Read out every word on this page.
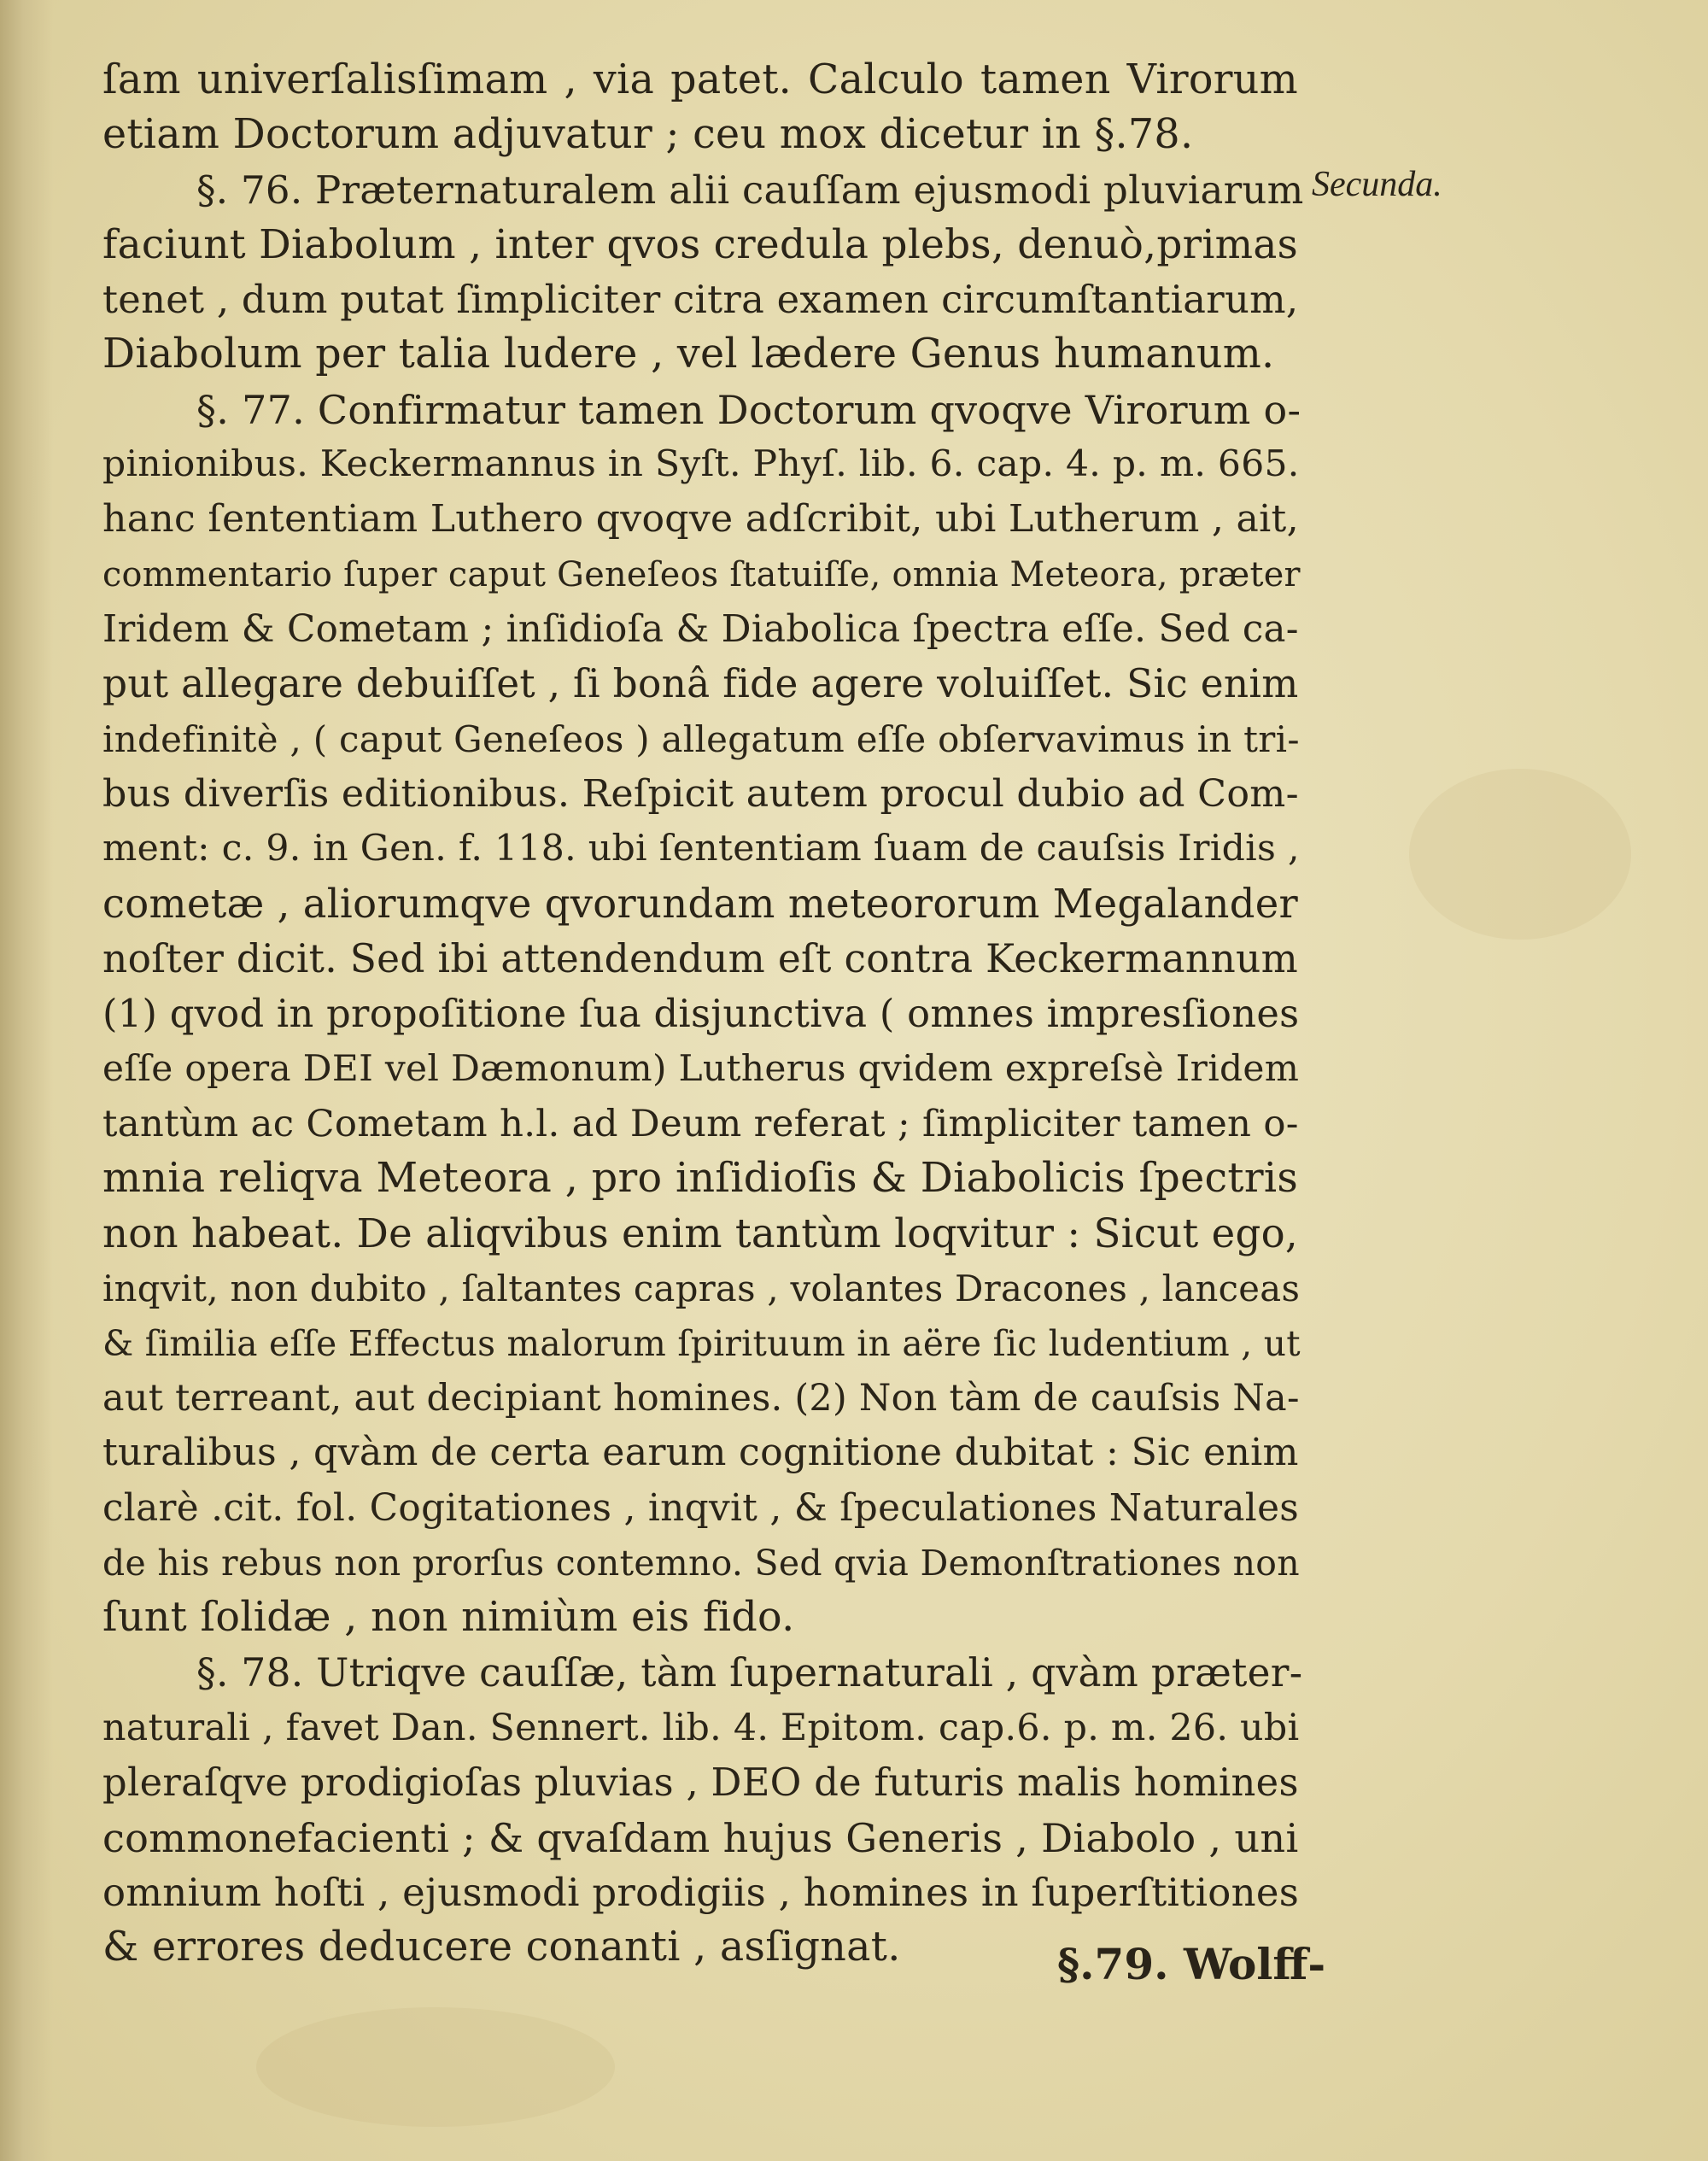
ſam univerſalisſimam , via patet. Calculo tamen Virorum
etiam Doctorum adjuvatur ; ceu mox dicetur in §.78.
§. 76. Præternaturalem alii cauſſam ejusmodi pluviarum
faciunt Diabolum , inter qvos credula plebs, denuò,primas
tenet , dum putat ſimpliciter citra examen circumſtantiarum,
Diabolum per talia ludere , vel lædere Genus humanum.
§. 77. Confirmatur tamen Doctorum qvoqve Virorum o-
pinionibus. Keckermannus in Syſt. Phyſ. lib. 6. cap. 4. p. m. 665.
hanc ſententiam Luthero qvoqve adſcribit, ubi Lutherum , ait,
commentario ſuper caput Geneſeos ſtatuiſſe, omnia Meteora, præter
Iridem & Cometam ; inſidioſa & Diabolica ſpectra eſſe. Sed ca-
put allegare debuiſſet , ſi bonâ fide agere voluiſſet. Sic enim
indefinitè , ( caput Geneſeos ) allegatum eſſe obſervavimus in tri-
bus diverſis editionibus. Reſpicit autem procul dubio ad Com-
ment: c. 9. in Gen. f. 118. ubi ſententiam ſuam de cauſsis Iridis ,
cometæ , aliorumqve qvorundam meteororum Megalander
noſter dicit. Sed ibi attendendum eſt contra Keckermannum
(1) qvod in propoſitione ſua disjunctiva ( omnes impresſiones
eſſe opera DEI vel Dæmonum) Lutherus qvidem expreſsè Iridem
tantùm ac Cometam h.l. ad Deum referat ; ſimpliciter tamen o-
mnia reliqva Meteora , pro inſidioſis & Diabolicis ſpectris
non habeat. De aliqvibus enim tantùm loqvitur : Sicut ego,
inqvit, non dubito , ſaltantes capras , volantes Dracones , lanceas
& ſimilia eſſe Effectus malorum ſpirituum in aëre ſic ludentium , ut
aut terreant, aut decipiant homines. (2) Non tàm de cauſsis Na-
turalibus , qvàm de certa earum cognitione dubitat : Sic enim
clarè .cit. fol. Cogitationes , inqvit , & ſpeculationes Naturales
de his rebus non prorſus contemno. Sed qvia Demonſtrationes non
ſunt ſolidæ , non nimiùm eis fido.
§. 78. Utriqve cauſſæ, tàm ſupernaturali , qvàm præter-
naturali , favet Dan. Sennert. lib. 4. Epitom. cap.6. p. m. 26. ubi
pleraſqve prodigioſas pluvias , DEO de futuris malis homines
commonefacienti ; & qvaſdam hujus Generis , Diabolo , uni
omnium hoſti , ejusmodi prodigiis , homines in ſuperſtitiones
& errores deducere conanti , asſignat.
Secunda.
§.79. Wolff-
